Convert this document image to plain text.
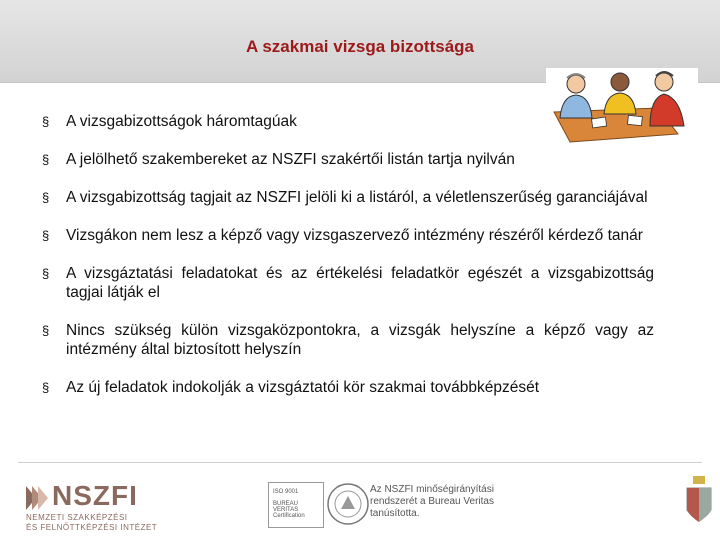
A szakmai vizsga bizottsága
§ A vizsgabizottságok háromtagúak
§ A jelölhető szakembereket az NSZFI szakértői listán tartja nyilván
§ A vizsgabizottság tagjait az NSZFI jelöli ki a listáról, a véletlenszerűség garanciájával
§ Vizsgákon nem lesz a képző vagy vizsgaszervező intézmény részéről kérdező tanár
§ A vizsgáztatási feladatokat és az értékelési feladatkör egészét a vizsgabizottság tagjai látják el
§ Nincs szükség külön vizsgaközpontokra, a vizsgák helyszíne a képző vagy az intézmény által biztosított helyszín
§ Az új feladatok indokolják a vizsgáztatói kör szakmai továbbképzését
NSZFI
NEMZETI SZAKKÉPZÉSI
ÉS FELNŐTTKÉPZÉSI INTÉZET
ISO 9001
BUREAU VERITAS
Certification
Az NSZFI minőségirányítási
rendszerét a Bureau Veritas
tanúsította.
